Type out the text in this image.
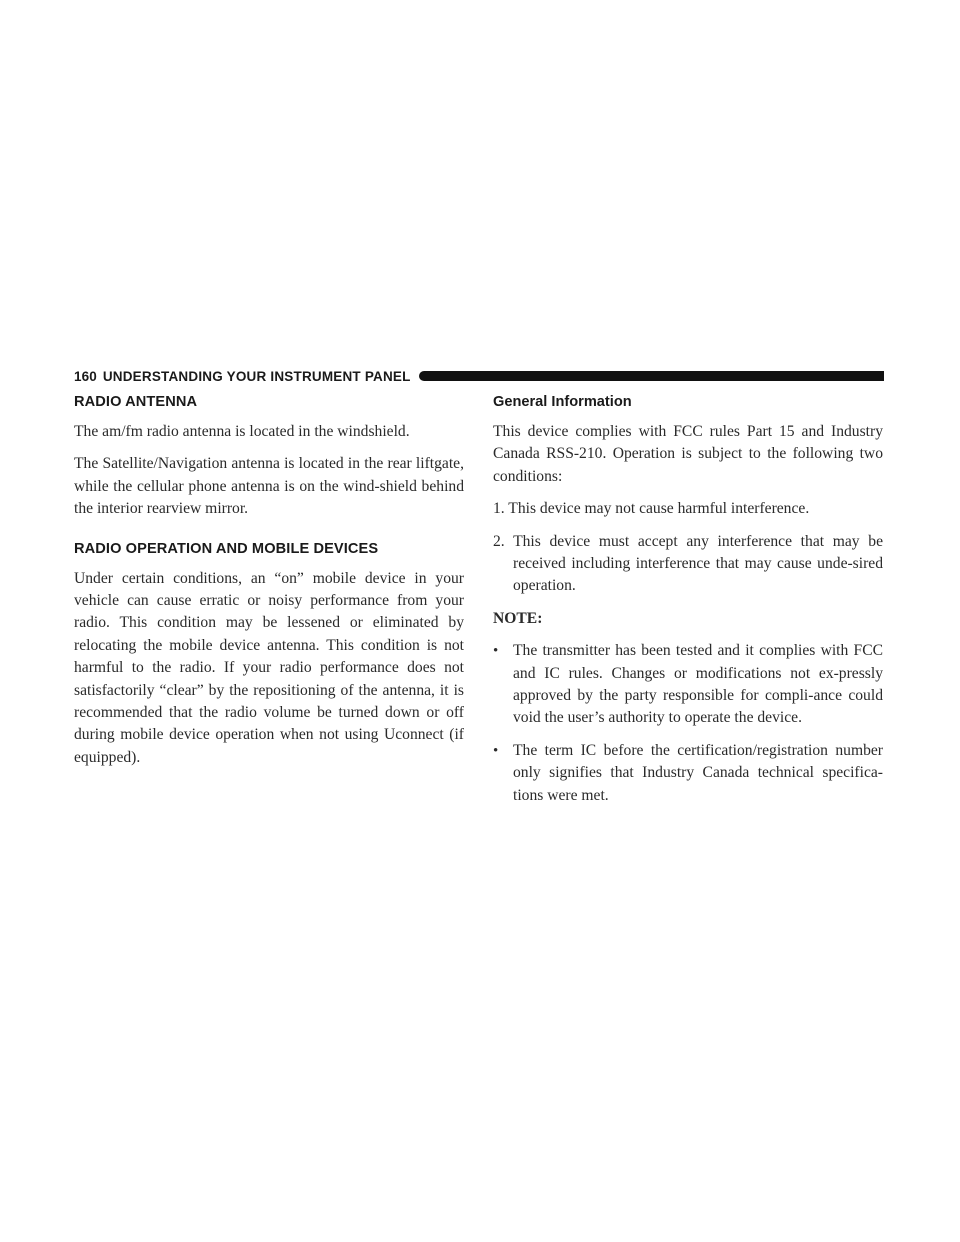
160 UNDERSTANDING YOUR INSTRUMENT PANEL
RADIO ANTENNA

The am/fm radio antenna is located in the windshield.

The Satellite/Navigation antenna is located in the rear liftgate, while the cellular phone antenna is on the wind-shield behind the interior rearview mirror.

RADIO OPERATION AND MOBILE DEVICES

Under certain conditions, an “on” mobile device in your vehicle can cause erratic or noisy performance from your radio. This condition may be lessened or eliminated by relocating the mobile device antenna. This condition is not harmful to the radio. If your radio performance does not satisfactorily “clear” by the repositioning of the antenna, it is recommended that the radio volume be turned down or off during mobile device operation when not using Uconnect (if equipped).

General Information

This device complies with FCC rules Part 15 and Industry Canada RSS-210. Operation is subject to the following two conditions:

1. This device may not cause harmful interference.

2. This device must accept any interference that may be received including interference that may cause unde-sired operation.

NOTE:
• The transmitter has been tested and it complies with FCC and IC rules. Changes or modifications not ex-pressly approved by the party responsible for compli-ance could void the user’s authority to operate the device.
• The term IC before the certification/registration number only signifies that Industry Canada technical specifica-tions were met.
